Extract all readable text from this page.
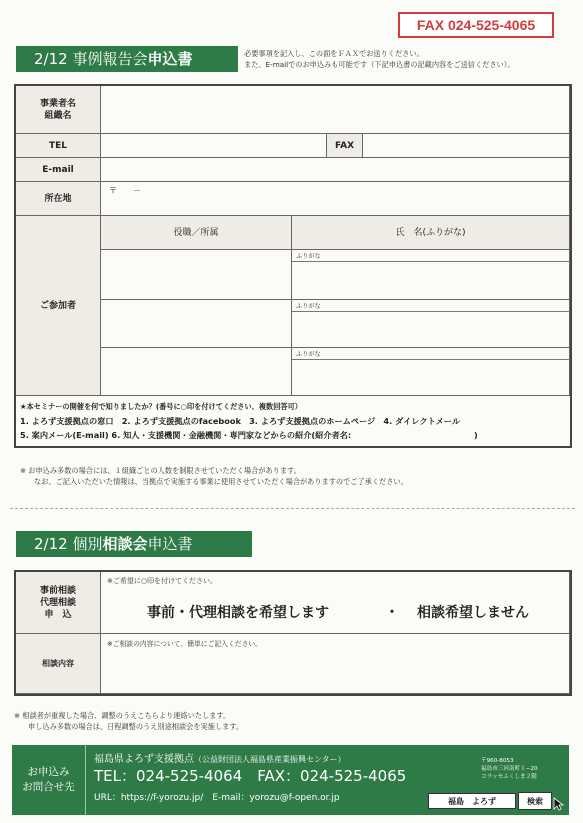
FAX 024-525-4065
2/12 事例報告会申込書	必要事項を記入し、この面をＦＡＸでお送りください。
また、E-mailでのお申込みも可能です（下記申込書の記載内容をご送信ください）。
事業者名
組織名
TEL	FAX
E-mail
所在地
〒　　－
ご参加者
役職／所属	氏　名(ふりがな)
ふりがな
ふりがな
ふりがな
★本セミナーの開催を何で知りましたか？(番号に○印を付けてください、複数回答可）
1. よろず支援拠点の窓口　2. よろず支援拠点のfacebook　3. よろず支援拠点のホームページ　4. ダイレクトメール
5. 案内メール(E-mail) 6. 知人・支援機関・金融機関・専門家などからの紹介(紹介者名:　　　　　　　　　　　　　　　)
※ お申込み多数の場合には、１組織ごとの人数を制限させていただく場合があります。
なお、ご記入いただいた情報は、当拠点で実施する事業に使用させていただく場合がありますのでご了承ください。
2/12 個別相談会申込書
事前相談
代理相談
申　込
※ご希望に○印を付けてください。
事前・代理相談を希望します	・ 相談希望しません
相談内容
※ご相談の内容について、簡単にご記入ください。
※ 相談者が重複した場合、調整のうえこちらより連絡いたします。
申し込み多数の場合は、日程調整のうえ別途相談会を実施します。
お申込み
お問合せ先
福島県よろず支援拠点（公益財団法人福島県産業振興センター）
TEL：024-525-4064　FAX：024-525-4065
URL：https://f-yorozu.jp/　E-mail：yorozu@f-open.or.jp
〒960-8053
福島市三河南町１−20
コラッセふくしま２階
福島　よろず	検索
